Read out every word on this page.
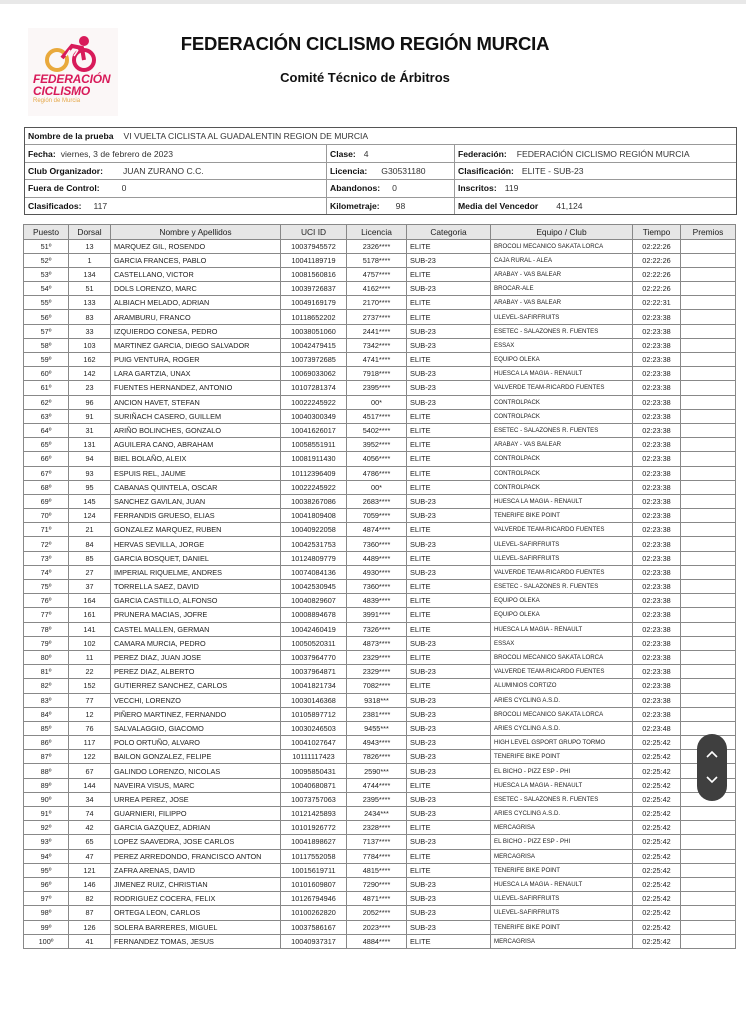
FEDERACIÓN
CICLISMO
Región de Murcia
FEDERACIÓN CICLISMO REGIÓN MURCIA
Comité Técnico de Árbitros
Nombre de la prueba VI VUELTA CICLISTA AL GUADALENTIN REGION DE MURCIA
Fecha: viernes, 3 de febrero de 2023	Clase: 4	Federación: FEDERACIÓN CICLISMO REGIÓN MURCIA
Club Organizador: JUAN ZURANO C.C.	Licencia: G30531180	Clasificación: ELITE - SUB-23
Fuera de Control:	0	Abandonos: 0	Inscritos: 119
Clasificados: 117	Kilometraje: 98	Media del Vencedor 41,124
Puesto	Dorsal	Nombre y Apellidos	UCI ID	Licencia	Categoria	Equipo / Club	Tiempo	Premios
51º	13	MARQUEZ GIL, ROSENDO	10037945572	2326****	ELITE	BROCOLI MECANICO SAKATA LORCA	02:22:26	
52º	1	GARCIA FRANCES, PABLO	10041189719	5178****	SUB-23	CAJA RURAL - ALEA	02:22:26	
53º	134	CASTELLANO, VICTOR	10081560816	4757****	ELITE	ARABAY - VAS BALEAR	02:22:26	
54º	51	DOLS LORENZO, MARC	10039726837	4162****	SUB-23	BROCAR-ALE	02:22:26	
55º	133	ALBIACH MELADO, ADRIAN	10049169179	2170****	ELITE	ARABAY - VAS BALEAR	02:22:31	
56º	83	ARAMBURU, FRANCO	10118652202	2737****	ELITE	ULEVEL-SAFIRFRUITS	02:23:38	
57º	33	IZQUIERDO CONESA, PEDRO	10038051060	2441****	SUB-23	ESETEC - SALAZONES R. FUENTES	02:23:38	
58º	103	MARTINEZ GARCIA, DIEGO SALVADOR	10042479415	7342****	SUB-23	ESSAX	02:23:38	
59º	162	PUIG VENTURA, ROGER	10073972685	4741****	ELITE	EQUIPO OLEKA	02:23:38	
60º	142	LARA GARTZIA, UNAX	10069033062	7918****	SUB-23	HUESCA LA MAGIA - RENAULT	02:23:38	
61º	23	FUENTES HERNANDEZ, ANTONIO	10107281374	2395****	SUB-23	VALVERDE TEAM-RICARDO FUENTES	02:23:38	
62º	96	ANCION HAVET, STEFAN	10022245922	00*	SUB-23	CONTROLPACK	02:23:38	
63º	91	SURIÑACH CASERO, GUILLEM	10040300349	4517****	ELITE	CONTROLPACK	02:23:38	
64º	31	ARIÑO BOLINCHES, GONZALO	10041626017	5402****	ELITE	ESETEC - SALAZONES R. FUENTES	02:23:38	
65º	131	AGUILERA CANO, ABRAHAM	10058551911	3952****	ELITE	ARABAY - VAS BALEAR	02:23:38	
66º	94	BIEL BOLAÑO, ALEIX	10081911430	4056****	ELITE	CONTROLPACK	02:23:38	
67º	93	ESPUIS REL, JAUME	10112396409	4786****	ELITE	CONTROLPACK	02:23:38	
68º	95	CABANAS QUINTELA, OSCAR	10022245922	00*	ELITE	CONTROLPACK	02:23:38	
69º	145	SANCHEZ GAVILAN, JUAN	10038267086	2683****	SUB-23	HUESCA LA MAGIA - RENAULT	02:23:38	
70º	124	FERRANDIS GRUESO, ELIAS	10041809408	7059****	SUB-23	TENERIFE BIKE POINT	02:23:38	
71º	21	GONZALEZ MARQUEZ, RUBEN	10040922058	4874****	ELITE	VALVERDE TEAM-RICARDO FUENTES	02:23:38	
72º	84	HERVAS SEVILLA, JORGE	10042531753	7360****	SUB-23	ULEVEL-SAFIRFRUITS	02:23:38	
73º	85	GARCIA BOSQUET, DANIEL	10124809779	4489****	ELITE	ULEVEL-SAFIRFRUITS	02:23:38	
74º	27	IMPERIAL RIQUELME, ANDRES	10074084136	4930****	SUB-23	VALVERDE TEAM-RICARDO FUENTES	02:23:38	
75º	37	TORRELLA SAEZ, DAVID	10042530945	7360****	ELITE	ESETEC - SALAZONES R. FUENTES	02:23:38	
76º	164	GARCIA CASTILLO, ALFONSO	10040829607	4839****	ELITE	EQUIPO OLEKA	02:23:38	
77º	161	PRUNERA MACIAS, JOFRE	10008894678	3991****	ELITE	EQUIPO OLEKA	02:23:38	
78º	141	CASTEL MALLEN, GERMAN	10042460419	7326****	ELITE	HUESCA LA MAGIA - RENAULT	02:23:38	
79º	102	CAMARA MURCIA, PEDRO	10050520311	4873****	SUB-23	ESSAX	02:23:38	
80º	11	PEREZ DIAZ, JUAN JOSE	10037964770	2329****	ELITE	BROCOLI MECANICO SAKATA LORCA	02:23:38	
81º	22	PEREZ DIAZ, ALBERTO	10037964871	2329****	SUB-23	VALVERDE TEAM-RICARDO FUENTES	02:23:38	
82º	152	GUTIERREZ SANCHEZ, CARLOS	10041821734	7082****	ELITE	ALUMINIOS CORTIZO	02:23:38	
83º	77	VECCHI, LORENZO	10030146368	9318***	SUB-23	ARIES CYCLING A.S.D.	02:23:38	
84º	12	PIÑERO MARTINEZ, FERNANDO	10105897712	2381****	SUB-23	BROCOLI MECANICO SAKATA LORCA	02:23:38	
85º	76	SALVALAGGIO, GIACOMO	10030246503	9455***	SUB-23	ARIES CYCLING A.S.D.	02:23:48	
86º	117	POLO ORTUÑO, ALVARO	10041027647	4943****	SUB-23	HIGH LEVEL GSPORT GRUPO TORMO	02:25:42	
87º	122	BAILON GONZALEZ, FELIPE	10111117423	7826****	SUB-23	TENERIFE BIKE POINT	02:25:42	
88º	67	GALINDO LORENZO, NICOLAS	10095850431	2590***	SUB-23	EL BICHO - PIZZ ESP - PHI	02:25:42	
89º	144	NAVEIRA VISUS, MARC	10040680871	4744****	ELITE	HUESCA LA MAGIA - RENAULT	02:25:42	
90º	34	URREA PEREZ, JOSE	10073757063	2395****	SUB-23	ESETEC - SALAZONES R. FUENTES	02:25:42	
91º	74	GUARNIERI, FILIPPO	10121425893	2434***	SUB-23	ARIES CYCLING A.S.D.	02:25:42	
92º	42	GARCIA GAZQUEZ, ADRIAN	10101926772	2328****	ELITE	MERCAGRISA	02:25:42	
93º	65	LOPEZ SAAVEDRA, JOSE CARLOS	10041898627	7137****	SUB-23	EL BICHO - PIZZ ESP - PHI	02:25:42	
94º	47	PEREZ ARREDONDO, FRANCISCO ANTON	10117552058	7784****	ELITE	MERCAGRISA	02:25:42	
95º	121	ZAFRA ARENAS, DAVID	10015619711	4815****	ELITE	TENERIFE BIKE POINT	02:25:42	
96º	146	JIMENEZ RUIZ, CHRISTIAN	10101609807	7290****	SUB-23	HUESCA LA MAGIA - RENAULT	02:25:42	
97º	82	RODRIGUEZ COCERA, FELIX	10126794946	4871****	SUB-23	ULEVEL-SAFIRFRUITS	02:25:42	
98º	87	ORTEGA LEON, CARLOS	10100262820	2052****	SUB-23	ULEVEL-SAFIRFRUITS	02:25:42	
99º	126	SOLERA BARRERES, MIGUEL	10037586167	2023****	SUB-23	TENERIFE BIKE POINT	02:25:42	
100º	41	FERNANDEZ TOMAS, JESUS	10040937317	4884****	ELITE	MERCAGRISA	02:25:42	
